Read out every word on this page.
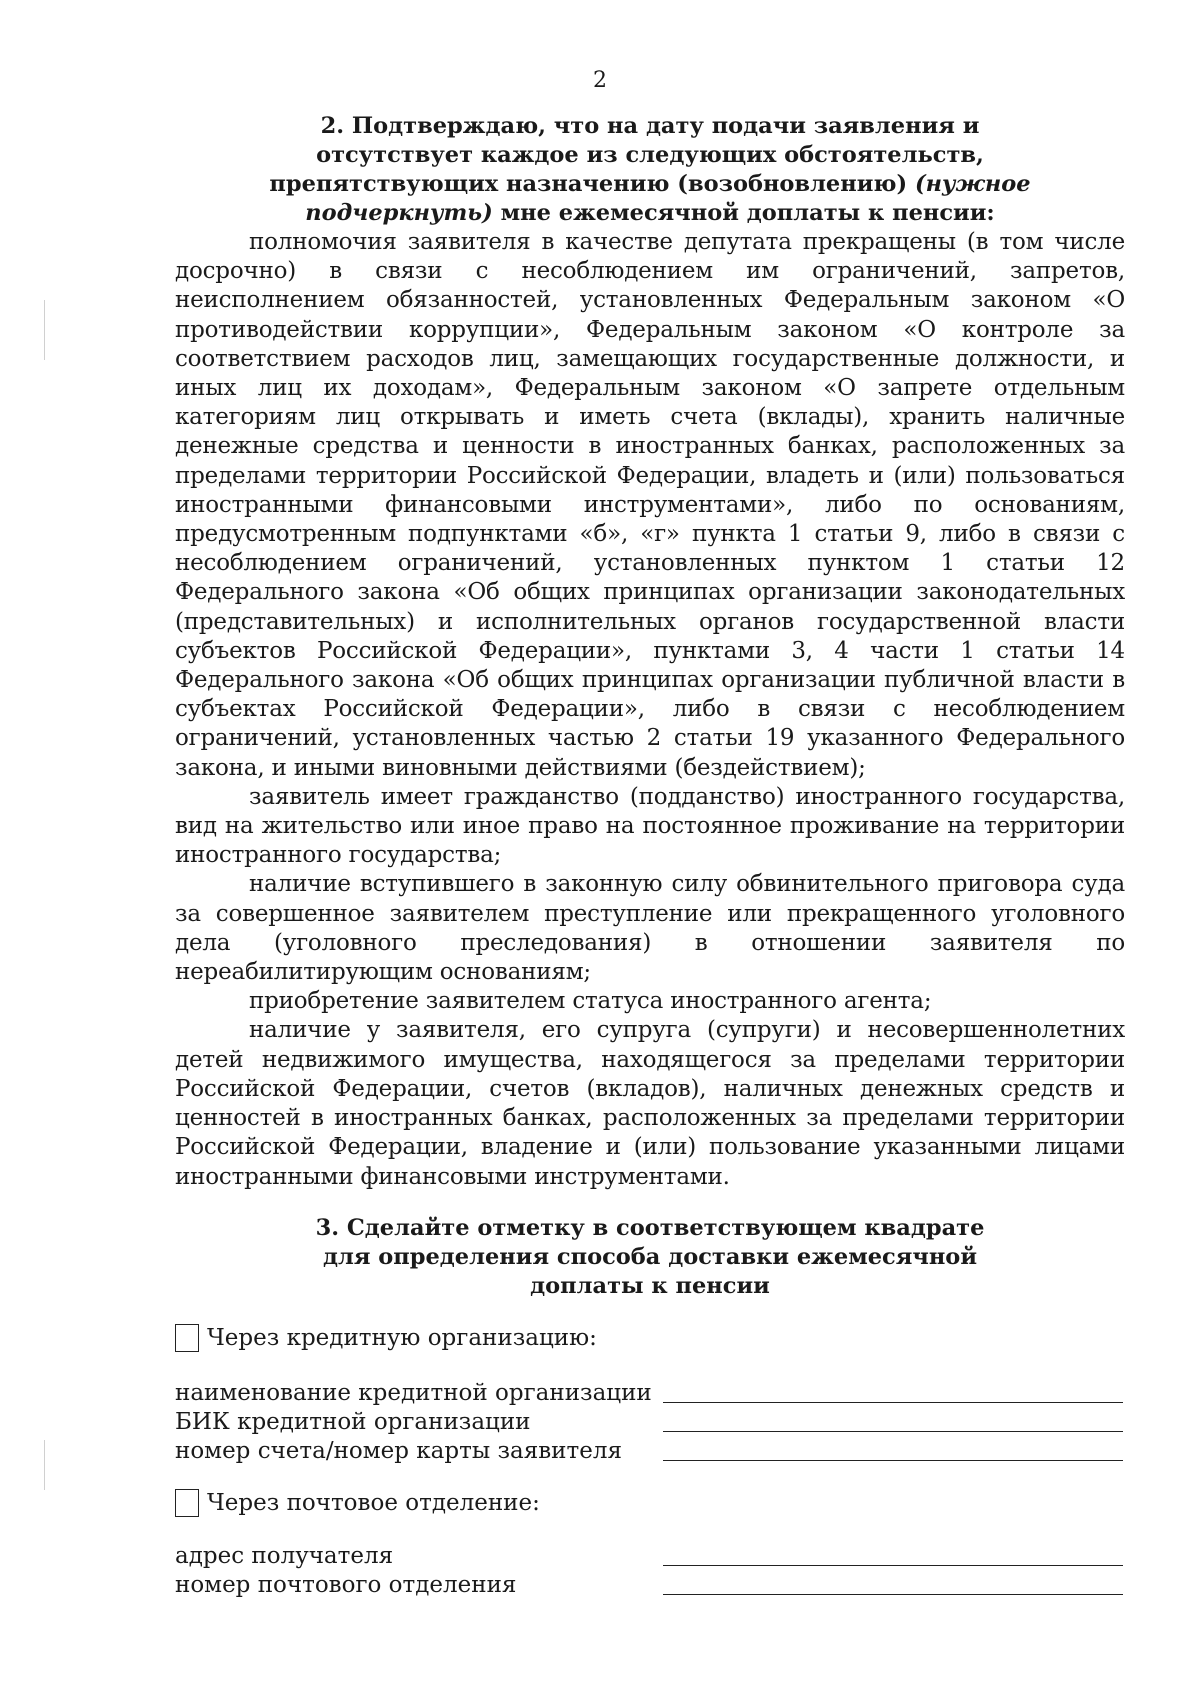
2

2. Подтверждаю, что на дату подачи заявления и отсутствует каждое из следующих обстоятельств, препятствующих назначению (возобновлению) (нужное подчеркнуть) мне ежемесячной доплаты к пенсии:

полномочия заявителя в качестве депутата прекращены (в том числе досрочно) в связи с несоблюдением им ограничений, запретов, неисполнением обязанностей, установленных Федеральным законом «О противодействии коррупции», Федеральным законом «О контроле за соответствием расходов лиц, замещающих государственные должности, и иных лиц их доходам», Федеральным законом «О запрете отдельным категориям лиц открывать и иметь счета (вклады), хранить наличные денежные средства и ценности в иностранных банках, расположенных за пределами территории Российской Федерации, владеть и (или) пользоваться иностранными финансовыми инструментами», либо по основаниям, предусмотренным подпунктами «б», «г» пункта 1 статьи 9, либо в связи с несоблюдением ограничений, установленных пунктом 1 статьи 12 Федерального закона «Об общих принципах организации законодательных (представительных) и исполнительных органов государственной власти субъектов Российской Федерации», пунктами 3, 4 части 1 статьи 14 Федерального закона «Об общих принципах организации публичной власти в субъектах Российской Федерации», либо в связи с несоблюдением ограничений, установленных частью 2 статьи 19 указанного Федерального закона, и иными виновными действиями (бездействием);

заявитель имеет гражданство (подданство) иностранного государства, вид на жительство или иное право на постоянное проживание на территории иностранного государства;

наличие вступившего в законную силу обвинительного приговора суда за совершенное заявителем преступление или прекращенного уголовного дела (уголовного преследования) в отношении заявителя по нереабилитирующим основаниям;

приобретение заявителем статуса иностранного агента;

наличие у заявителя, его супруга (супруги) и несовершеннолетних детей недвижимого имущества, находящегося за пределами территории Российской Федерации, счетов (вкладов), наличных денежных средств и ценностей в иностранных банках, расположенных за пределами территории Российской Федерации, владение и (или) пользование указанными лицами иностранными финансовыми инструментами.

3. Сделайте отметку в соответствующем квадрате для определения способа доставки ежемесячной доплаты к пенсии

Через кредитную организацию:
наименование кредитной организации
БИК кредитной организации
номер счета/номер карты заявителя
Через почтовое отделение:
адрес получателя
номер почтового отделения
